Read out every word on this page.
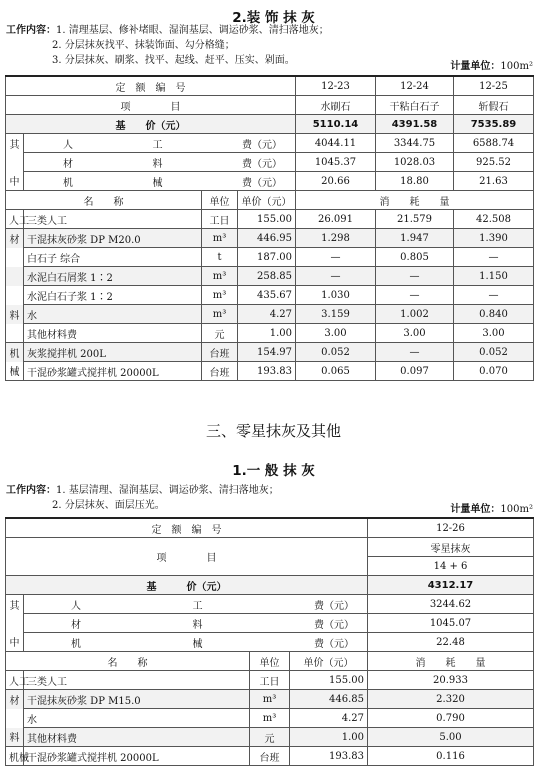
2.装 饰 抹 灰
工作内容：1. 清理基层、修补堵眼、湿润基层、调运砂浆、清扫落地灰；
2. 分层抹灰找平、抹装饰面、勾分格缝；
3. 分层抹灰、刷浆、找平、起线、赶平、压实、剁面。
计量单位：100m²
定　额　编　号				12-23	12-24	12-25
项　　　　目				水刷石	干粘白石子	斩假石
基　　价（元）				5110.14	4391.58	7535.89
其	人 工 费（元）			4044.11	3344.75	6588.74

	材 料 费（元）			1045.37	1028.03	925.52
中	机 械 费（元）			20.66	18.80	21.63
名　　称		单位	单价（元）	消　　耗　　量		
人工	三类人工	工日	155.00	26.091	21.579	42.508
材	干混抹灰砂浆 DP M20.0	m³	446.95	1.298	1.947	1.390
	白石子 综合	t	187.00	—	0.805	—
	水泥白石屑浆 1∶2	m³	258.85	—	—	1.150
	水泥白石子浆 1∶2	m³	435.67	1.030	—	—
料	水	m³	4.27	3.159	1.002	0.840
	其他材料费	元	1.00	3.00	3.00	3.00
机	灰浆搅拌机 200L	台班	154.97	0.052	—	0.052
械	干混砂浆罐式搅拌机 20000L	台班	193.83	0.065	0.097	0.070
三、零星抹灰及其他
1.一 般 抹 灰
工作内容：1. 基层清理、湿润基层、调运砂浆、清扫落地灰；
2. 分层抹灰、面层压光。	计量单位：100m²
定　额　编　号				12-26
项　　　　目				零星抹灰
				14 + 6
基　　　价（元）				4312.17
其	人 工 费（元）			3244.62

	材 料 费（元）			1045.07
中	机 械 费（元）			22.48
名　　称		单位	单价（元）	消　　耗　　量
人工	三类人工	工日	155.00	20.933
材	干混抹灰砂浆 DP M15.0	m³	446.85	2.320
	水	m³	4.27	0.790
料	其他材料费	元	1.00	5.00
机械	干混砂浆罐式搅拌机 20000L	台班	193.83	0.116
